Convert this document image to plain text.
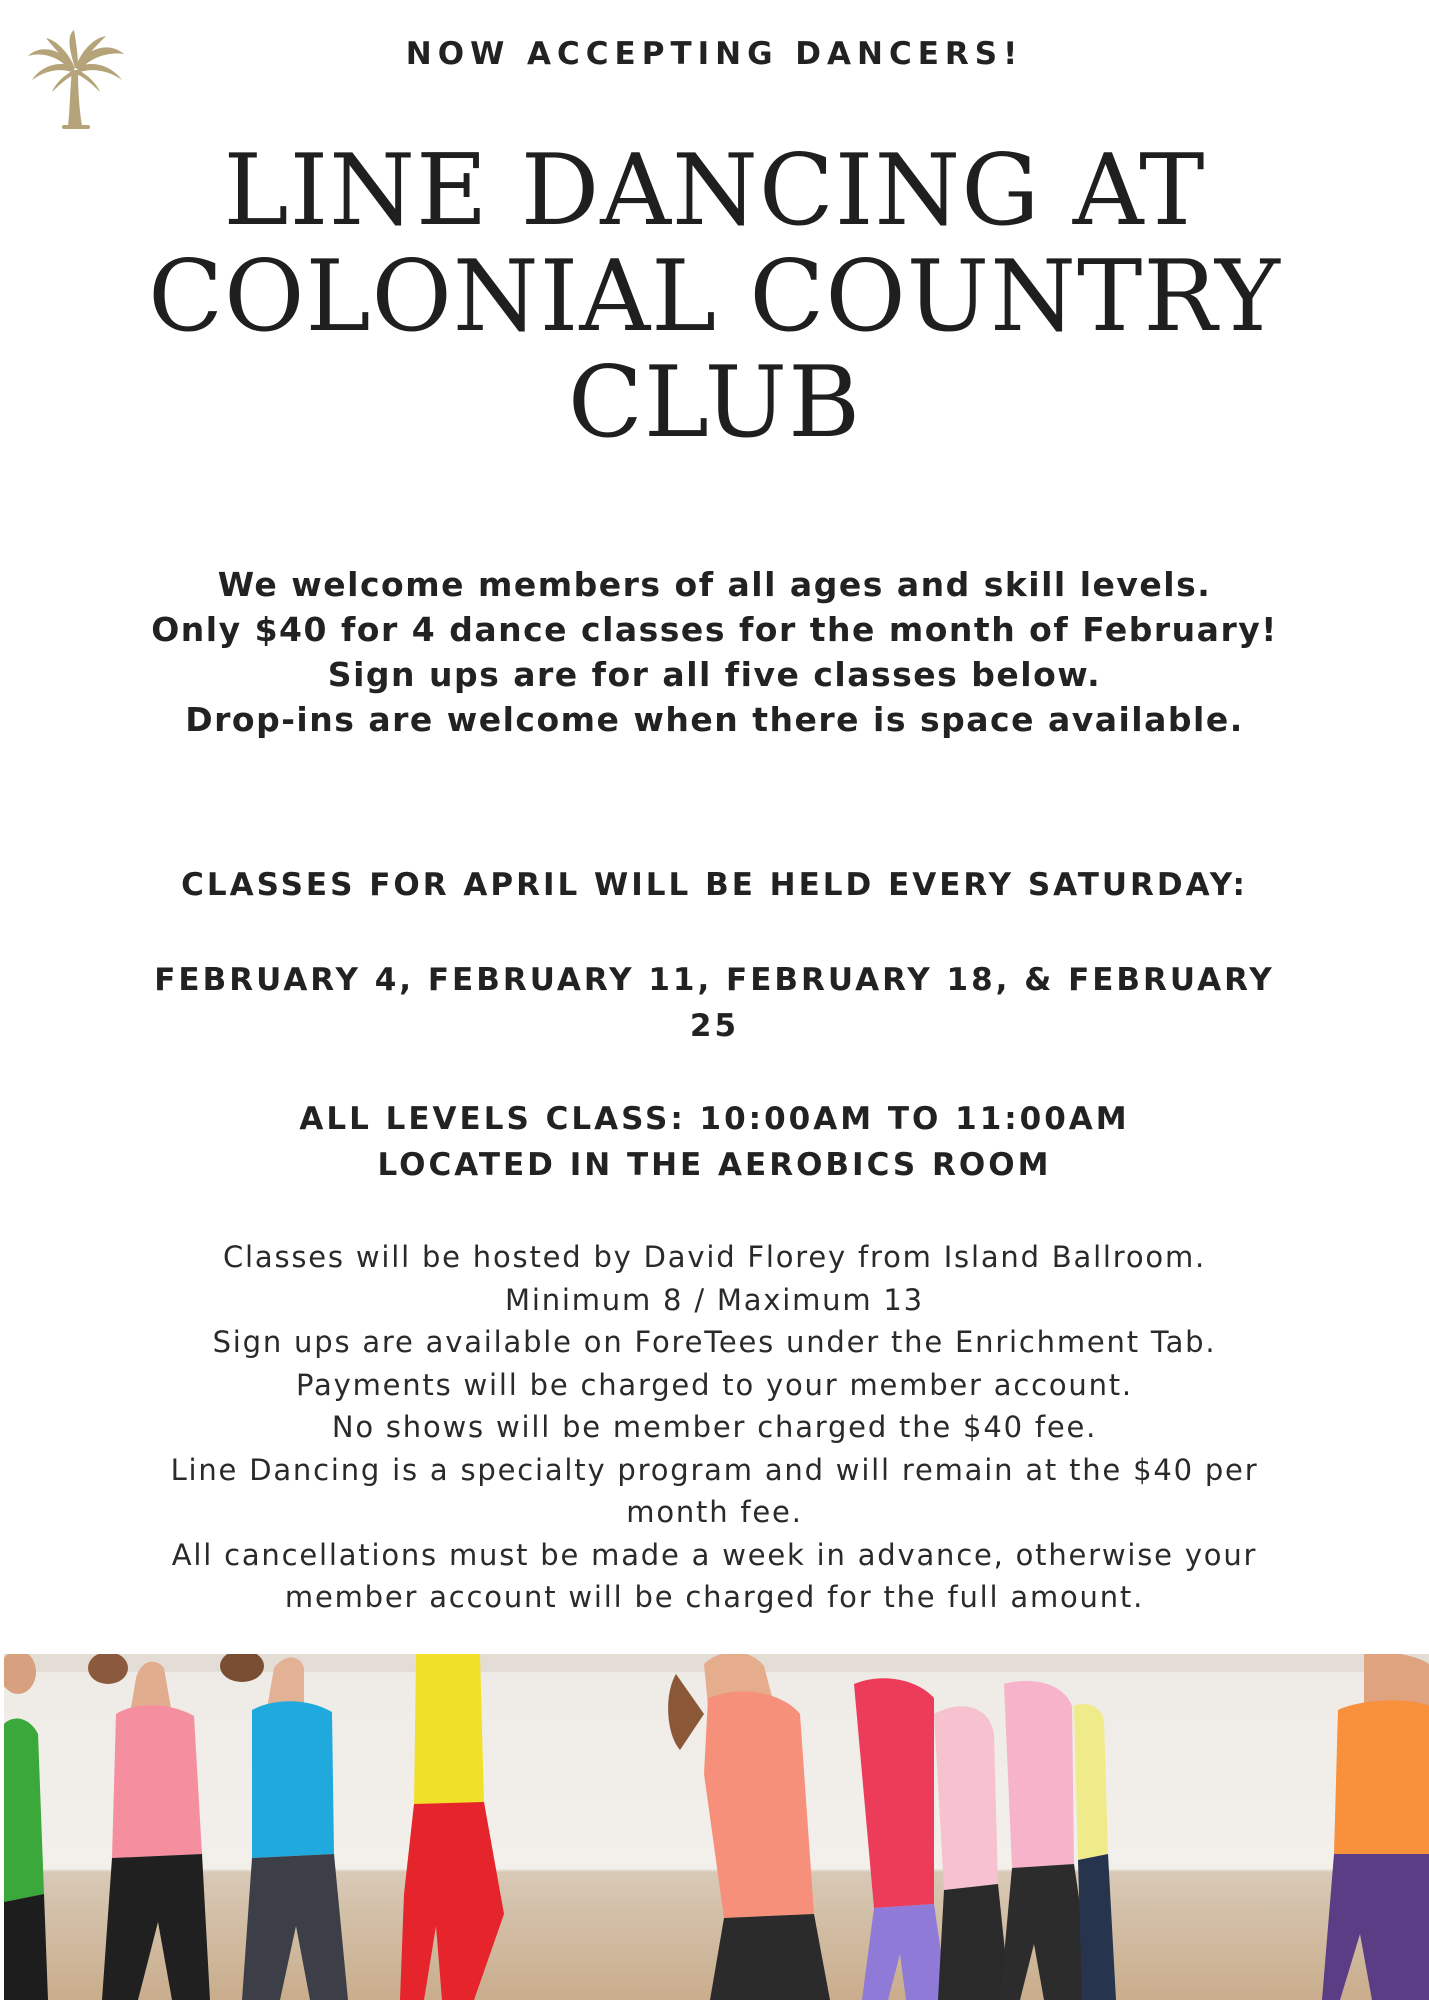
NOW ACCEPTING DANCERS!
LINE DANCING AT
COLONIAL COUNTRY
CLUB
We welcome members of all ages and skill levels.
Only $40 for 4 dance classes for the month of February!
Sign ups are for all five classes below.
Drop-ins are welcome when there is space available.
CLASSES FOR APRIL WILL BE HELD EVERY SATURDAY:
FEBRUARY 4, FEBRUARY 11, FEBRUARY 18, & FEBRUARY
25
ALL LEVELS CLASS: 10:00AM TO 11:00AM
LOCATED IN THE AEROBICS ROOM
Classes will be hosted by David Florey from Island Ballroom.
Minimum 8 / Maximum 13
Sign ups are available on ForeTees under the Enrichment Tab.
Payments will be charged to your member account.
No shows will be member charged the $40 fee.
Line Dancing is a specialty program and will remain at the $40 per
month fee.
All cancellations must be made a week in advance, otherwise your
member account will be charged for the full amount.
